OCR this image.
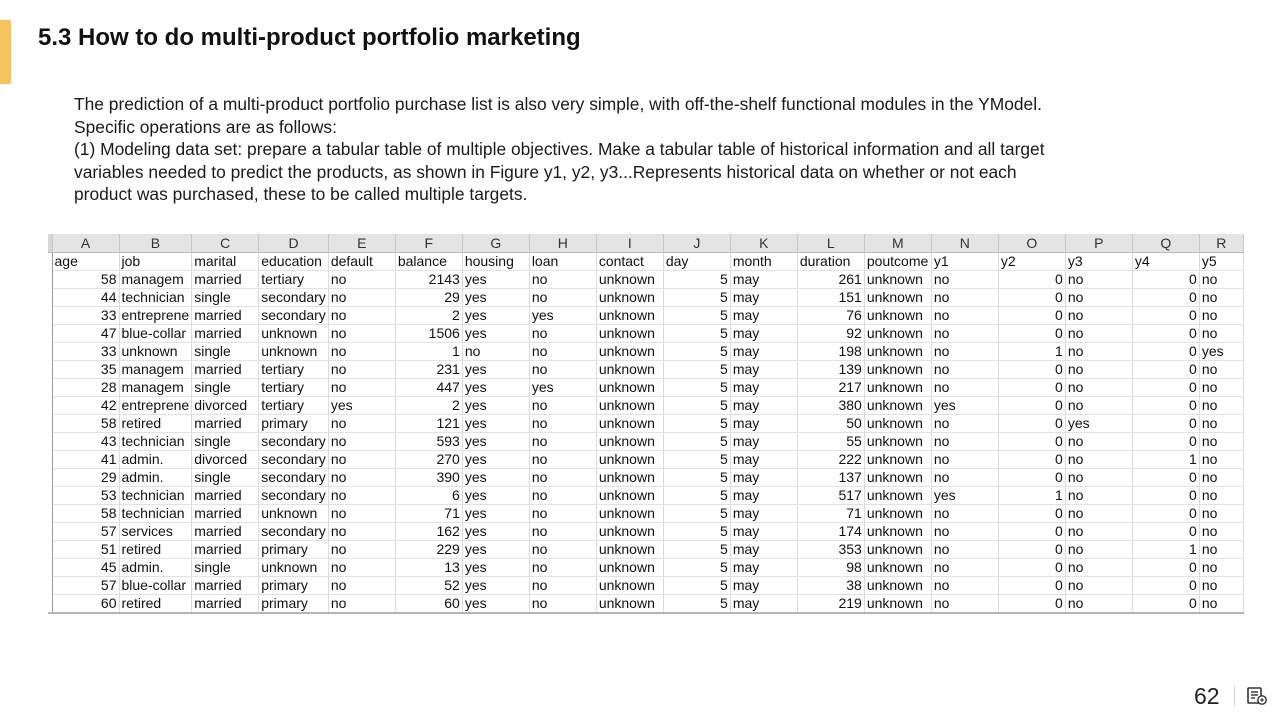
5.3 How to do multi-product portfolio marketing
The prediction of a multi-product portfolio purchase list is also very simple, with off-the-shelf functional modules in the YModel.
Specific operations are as follows:
(1) Modeling data set: prepare a tabular table of multiple objectives. Make a tabular table of historical information and all target
variables needed to predict the products, as shown in Figure y1, y2, y3...Represents historical data on whether or not each
product was purchased, these to be called multiple targets.
	A	B	C	D	E	F	G	H	I	J	K	L	M	N	O	P	Q	R
	age	job	marital	education	default	balance	housing	loan	contact	day	month	duration	poutcome	y1	y2	y3	y4	y5
	58	managem	married	tertiary	no	2143	yes	no	unknown	5	may	261	unknown	no	0	no	0	no
	44	technician	single	secondary	no	29	yes	no	unknown	5	may	151	unknown	no	0	no	0	no
	33	entreprene	married	secondary	no	2	yes	yes	unknown	5	may	76	unknown	no	0	no	0	no
	47	blue-collar	married	unknown	no	1506	yes	no	unknown	5	may	92	unknown	no	0	no	0	no
	33	unknown	single	unknown	no	1	no	no	unknown	5	may	198	unknown	no	1	no	0	yes
	35	managem	married	tertiary	no	231	yes	no	unknown	5	may	139	unknown	no	0	no	0	no
	28	managem	single	tertiary	no	447	yes	yes	unknown	5	may	217	unknown	no	0	no	0	no
	42	entreprene	divorced	tertiary	yes	2	yes	no	unknown	5	may	380	unknown	yes	0	no	0	no
	58	retired	married	primary	no	121	yes	no	unknown	5	may	50	unknown	no	0	yes	0	no
	43	technician	single	secondary	no	593	yes	no	unknown	5	may	55	unknown	no	0	no	0	no
	41	admin.	divorced	secondary	no	270	yes	no	unknown	5	may	222	unknown	no	0	no	1	no
	29	admin.	single	secondary	no	390	yes	no	unknown	5	may	137	unknown	no	0	no	0	no
	53	technician	married	secondary	no	6	yes	no	unknown	5	may	517	unknown	yes	1	no	0	no
	58	technician	married	unknown	no	71	yes	no	unknown	5	may	71	unknown	no	0	no	0	no
	57	services	married	secondary	no	162	yes	no	unknown	5	may	174	unknown	no	0	no	0	no
	51	retired	married	primary	no	229	yes	no	unknown	5	may	353	unknown	no	0	no	1	no
	45	admin.	single	unknown	no	13	yes	no	unknown	5	may	98	unknown	no	0	no	0	no
	57	blue-collar	married	primary	no	52	yes	no	unknown	5	may	38	unknown	no	0	no	0	no
	60	retired	married	primary	no	60	yes	no	unknown	5	may	219	unknown	no	0	no	0	no
62
